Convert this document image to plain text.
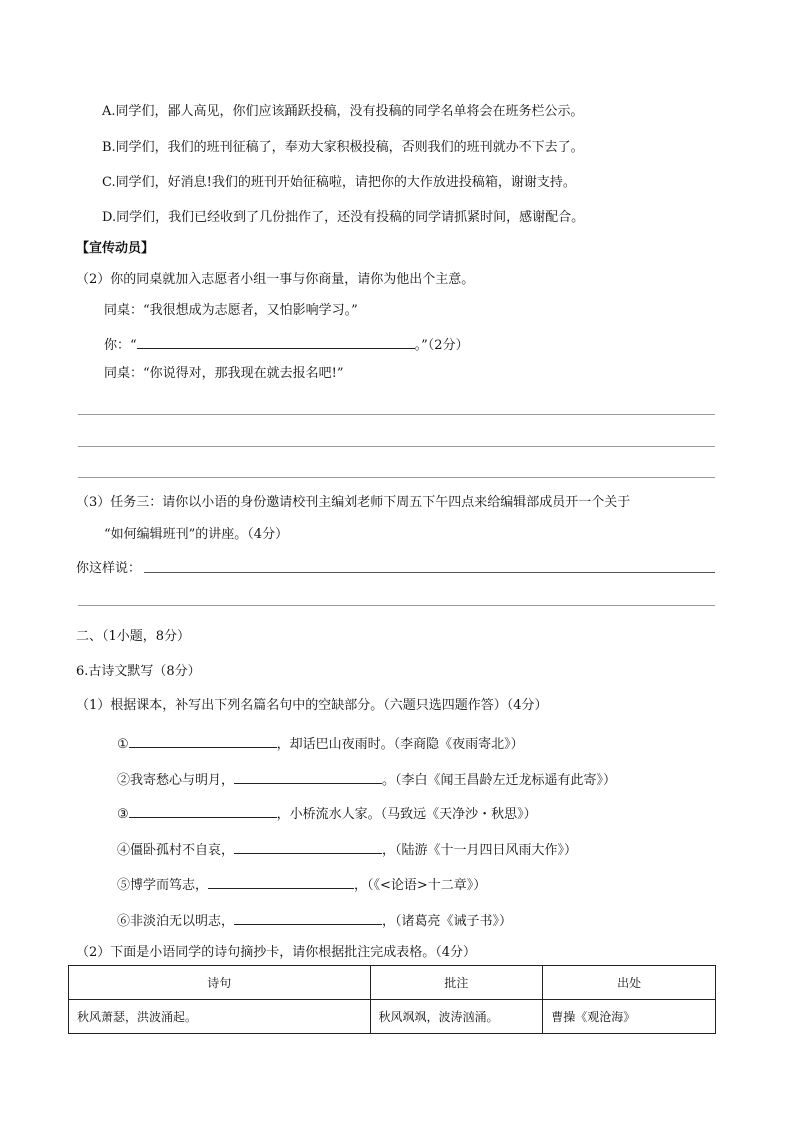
A.同学们，鄙人高见，你们应该踊跃投稿，没有投稿的同学名单将会在班务栏公示。
B.同学们，我们的班刊征稿了，奉劝大家积极投稿，否则我们的班刊就办不下去了。
C.同学们，好消息!我们的班刊开始征稿啦，请把你的大作放进投稿箱，谢谢支持。
D.同学们，我们已经收到了几份拙作了，还没有投稿的同学请抓紧时间，感谢配合。
【宣传动员】
（2）你的同桌就加入志愿者小组一事与你商量，请你为他出个主意。
同桌：“我很想成为志愿者，又怕影响学习。”
你：“	。”（2分）
同桌：“你说得对，那我现在就去报名吧!”
（3）任务三：请你以小语的身份邀请校刊主编刘老师下周五下午四点来给编辑部成员开一个关于
“如何编辑班刊”的讲座。（4分）
你这样说：
二、（1小题，8分）
6.古诗文默写（8分）
（1）根据课本，补写出下列名篇名句中的空缺部分。（六题只选四题作答）（4分）
①	，却话巴山夜雨时。（李商隐《夜雨寄北》）
②我寄愁心与明月，	。（李白《闻王昌龄左迁龙标遥有此寄》）
③	，小桥流水人家。（马致远《天净沙・秋思》）
④僵卧孤村不自哀，	，（陆游《十一月四日风雨大作》）
⑤博学而笃志，	，（《<论语>十二章》）
⑥非淡泊无以明志，	，（诸葛亮《诫子书》）
（2）下面是小语同学的诗句摘抄卡，请你根据批注完成表格。（4分）
诗句	批注	出处
秋风萧瑟，洪波涌起。	秋风飒飒，波涛汹涌。	曹操《观沧海》
